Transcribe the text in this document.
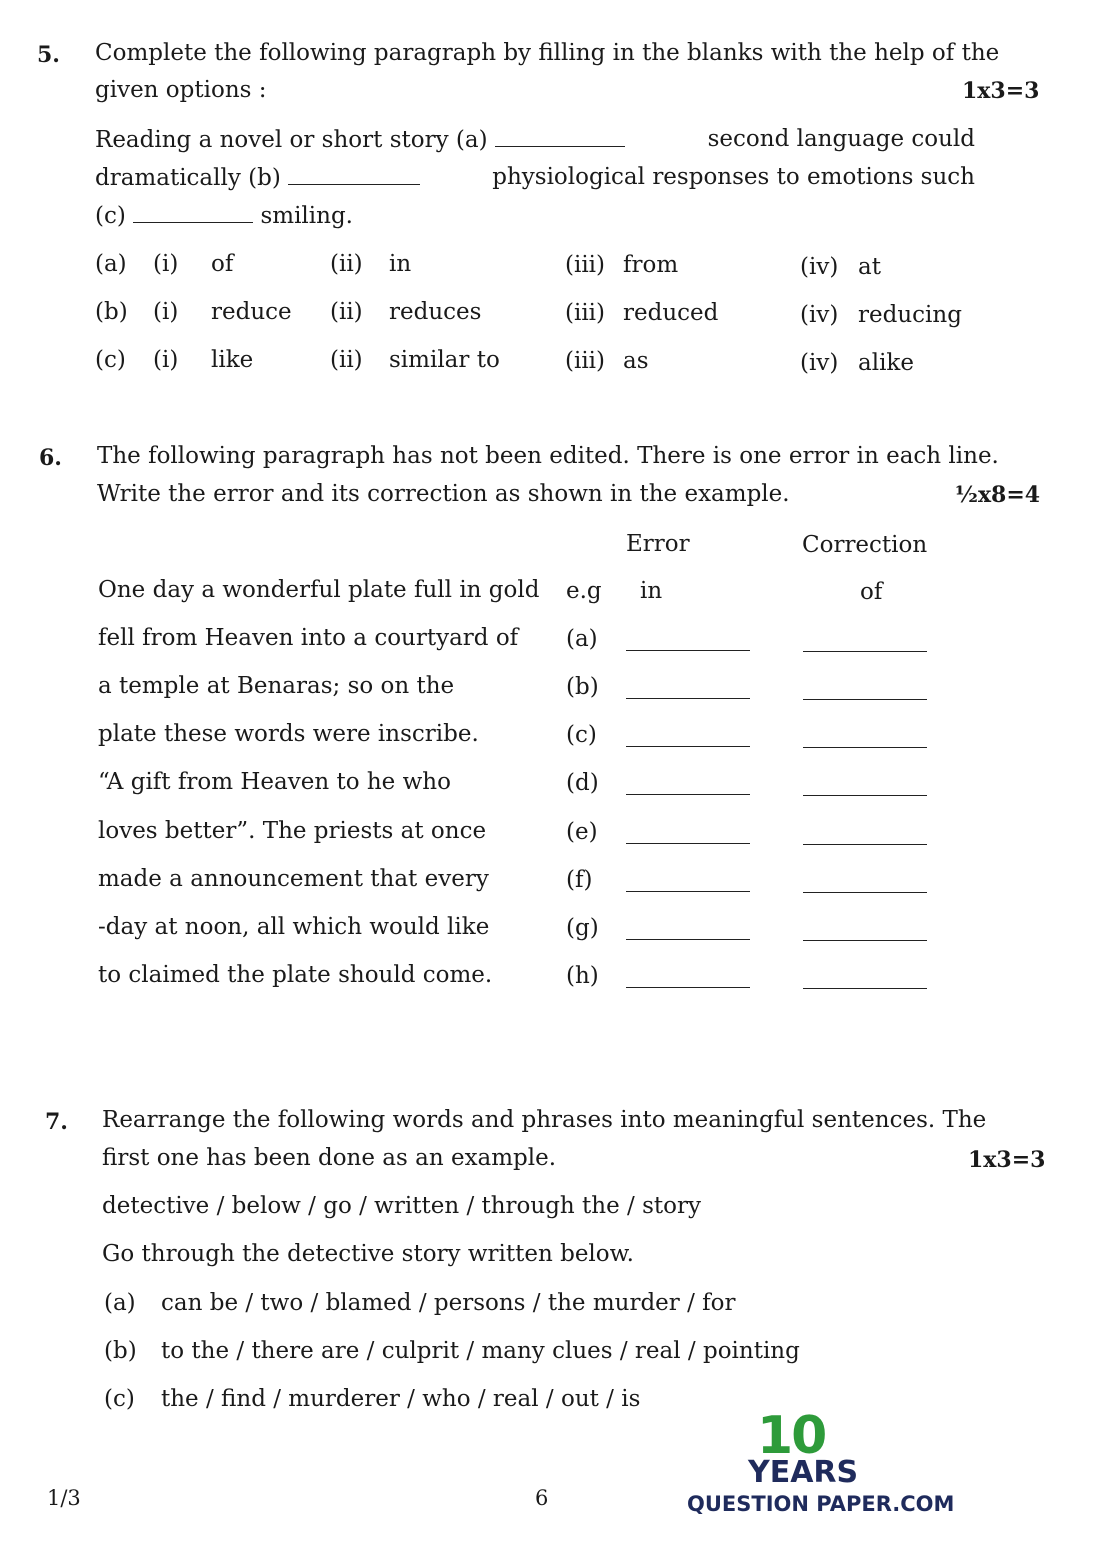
5. Complete the following paragraph by filling in the blanks with the help of the
given options :	1x3=3
Reading a novel or short story (a)	second language could
dramatically (b)	physiological responses to emotions such
(c)	smiling.
(a) (i) of	(ii) in	(iii) from	(iv) at
(b) (i) reduce (ii) reduces	(iii) reduced	(iv) reducing
(c) (i) like	(ii) similar to	(iii) as	(iv) alike
6. The following paragraph has not been edited. There is one error in each line.
Write the error and its correction as shown in the example.	½x8=4
Error	Correction
One day a wonderful plate full in gold e.g in	of
fell from Heaven into a courtyard of (a)
a temple at Benaras; so on the	(b)
plate these words were inscribe.	(c)
“A gift from Heaven to he who	(d)
loves better”. The priests at once	(e)
made a announcement that every	(f)
-day at noon, all which would like	(g)
to claimed the plate should come.	(h)
7. Rearrange the following words and phrases into meaningful sentences. The
first one has been done as an example.	1x3=3
detective / below / go / written / through the / story
Go through the detective story written below.
(a) can be / two / blamed / persons / the murder / for
(b) to the / there are / culprit / many clues / real / pointing
(c) the / find / murderer / who / real / out / is
1/3	6
10
YEARS
QUESTION PAPER.COM
